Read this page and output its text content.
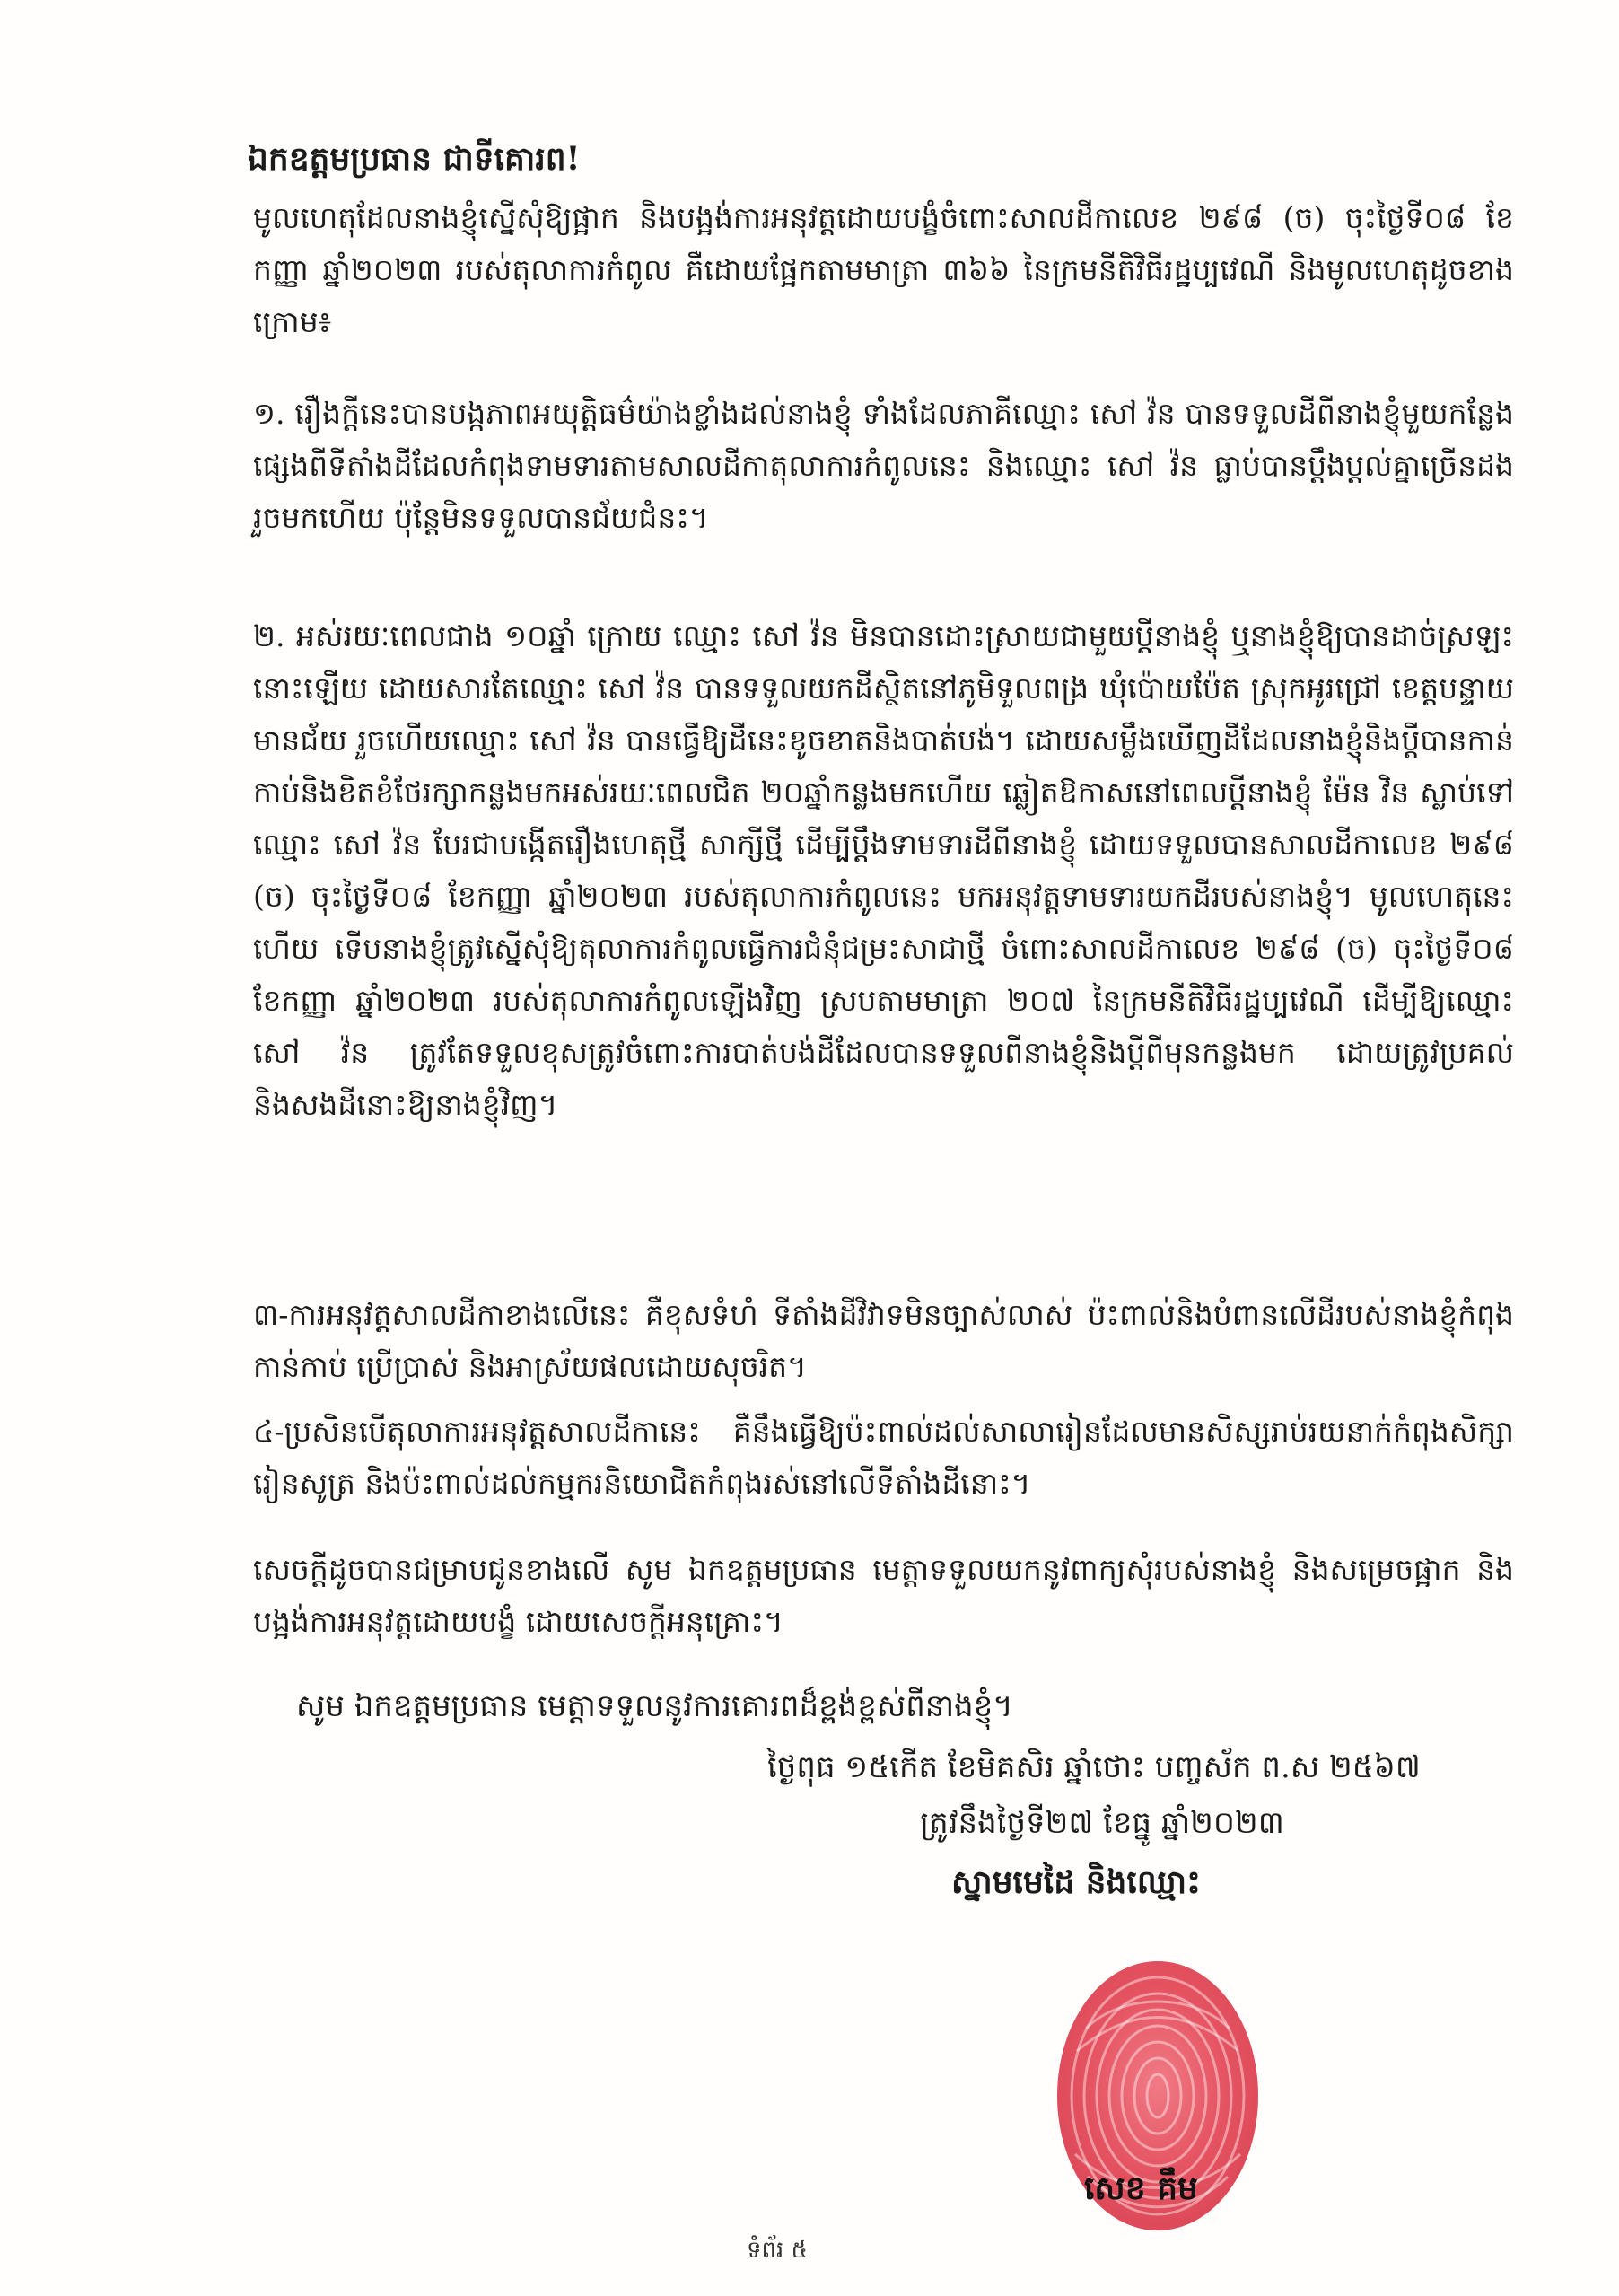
ឯកឧត្តមប្រធាន ជាទីគោរព!

មូលហេតុដែលនាងខ្ញុំស្នើសុំឱ្យផ្អាក និងបង្អង់ការអនុវត្តដោយបង្ខំចំពោះសាលដីកាលេខ ២៩៨ (ច) ចុះថ្ងៃទី០៨ ខែកញ្ញា ឆ្នាំ២០២៣ របស់តុលាការកំពូល គឺដោយផ្អែកតាមមាត្រា ៣៦៦ នៃក្រមនីតិវិធីរដ្ឋប្បវេណី និងមូលហេតុដូចខាងក្រោម៖

១. រឿងក្តីនេះបានបង្កភាពអយុត្តិធម៌យ៉ាងខ្លាំងដល់នាងខ្ញុំ ទាំងដែលភាគីឈ្មោះ សៅ វ៉ន បានទទួលដីពីនាងខ្ញុំមួយកន្លែងផ្សេងពីទីតាំងដីដែលកំពុងទាមទារតាមសាលដីកាតុលាការកំពូលនេះ និងឈ្មោះ សៅ វ៉ន ធ្លាប់បានប្តឹងប្តល់គ្នាច្រើនដងរួចមកហើយ ប៉ុន្តែមិនទទួលបានជ័យជំនះ។

២. អស់រយៈពេលជាង ១០ឆ្នាំ ក្រោយ ឈ្មោះ សៅ វ៉ន មិនបានដោះស្រាយជាមួយប្តីនាងខ្ញុំ ឬនាងខ្ញុំឱ្យបានដាច់ស្រឡះនោះឡើយ ដោយសារតែឈ្មោះ សៅ វ៉ន បានទទួលយកដីស្ថិតនៅភូមិទួលពង្រ ឃុំប៉ោយប៉ែត ស្រុកអូរជ្រៅ ខេត្តបន្ទាយមានជ័យ រួចហើយឈ្មោះ សៅ វ៉ន បានធ្វើឱ្យដីនេះខូចខាតនិងបាត់បង់។ ដោយសម្លឹងឃើញដីដែលនាងខ្ញុំនិងប្តីបានកាន់កាប់និងខិតខំថែរក្សាកន្លងមកអស់រយៈពេលជិត ២០ឆ្នាំកន្លងមកហើយ ឆ្លៀតឱកាសនៅពេលប្តីនាងខ្ញុំ ម៉ែន វិន ស្លាប់ទៅ ឈ្មោះ សៅ វ៉ន បែរជាបង្កើតរឿងហេតុថ្មី សាក្សីថ្មី ដើម្បីប្តឹងទាមទារដីពីនាងខ្ញុំ ដោយទទួលបានសាលដីកាលេខ ២៩៨ (ច) ចុះថ្ងៃទី០៨ ខែកញ្ញា ឆ្នាំ២០២៣ របស់តុលាការកំពូលនេះ មកអនុវត្តទាមទារយកដីរបស់នាងខ្ញុំ។ មូលហេតុនេះហើយ ទើបនាងខ្ញុំត្រូវស្នើសុំឱ្យតុលាការកំពូលធ្វើការជំនុំជម្រះសាជាថ្មី ចំពោះសាលដីកាលេខ ២៩៨ (ច) ចុះថ្ងៃទី០៨ ខែកញ្ញា ឆ្នាំ២០២៣ របស់តុលាការកំពូលឡើងវិញ ស្របតាមមាត្រា ២០៧ នៃក្រមនីតិវិធីរដ្ឋប្បវេណី ដើម្បីឱ្យឈ្មោះ សៅ វ៉ន ត្រូវតែទទួលខុសត្រូវចំពោះការបាត់បង់ដីដែលបានទទួលពីនាងខ្ញុំនិងប្តីពីមុនកន្លងមក ដោយត្រូវប្រគល់និងសងដីនោះឱ្យនាងខ្ញុំវិញ។

៣-ការអនុវត្តសាលដីកាខាងលើនេះ គឺខុសទំហំ ទីតាំងដីវិវាទមិនច្បាស់លាស់ ប៉ះពាល់និងបំពានលើដីរបស់នាងខ្ញុំកំពុងកាន់កាប់ ប្រើប្រាស់ និងអាស្រ័យផលដោយសុចរិត។

៤-ប្រសិនបើតុលាការអនុវត្តសាលដីកានេះ គឺនឹងធ្វើឱ្យប៉ះពាល់ដល់សាលារៀនដែលមានសិស្សរាប់រយនាក់កំពុងសិក្សារៀនសូត្រ និងប៉ះពាល់ដល់កម្មករនិយោជិតកំពុងរស់នៅលើទីតាំងដីនោះ។

សេចក្តីដូចបានជម្រាបជូនខាងលើ សូម ឯកឧត្តមប្រធាន មេត្តាទទួលយកនូវពាក្យសុំរបស់នាងខ្ញុំ និងសម្រេចផ្អាក និងបង្អង់ការអនុវត្តដោយបង្ខំ ដោយសេចក្តីអនុគ្រោះ។

សូម ឯកឧត្តមប្រធាន មេត្តាទទួលនូវការគោរពដ៏ខ្ពង់ខ្ពស់ពីនាងខ្ញុំ។
ថ្ងៃពុធ ១៥កើត ខែមិគសិរ ឆ្នាំថោះ បញ្ចស័ក ព.ស ២៥៦៧
ត្រូវនឹងថ្ងៃទី២៧ ខែធ្នូ ឆ្នាំ២០២៣
ស្នាមមេដៃ និងឈ្មោះ
សេខ គឹម
ទំព័រ ៥
